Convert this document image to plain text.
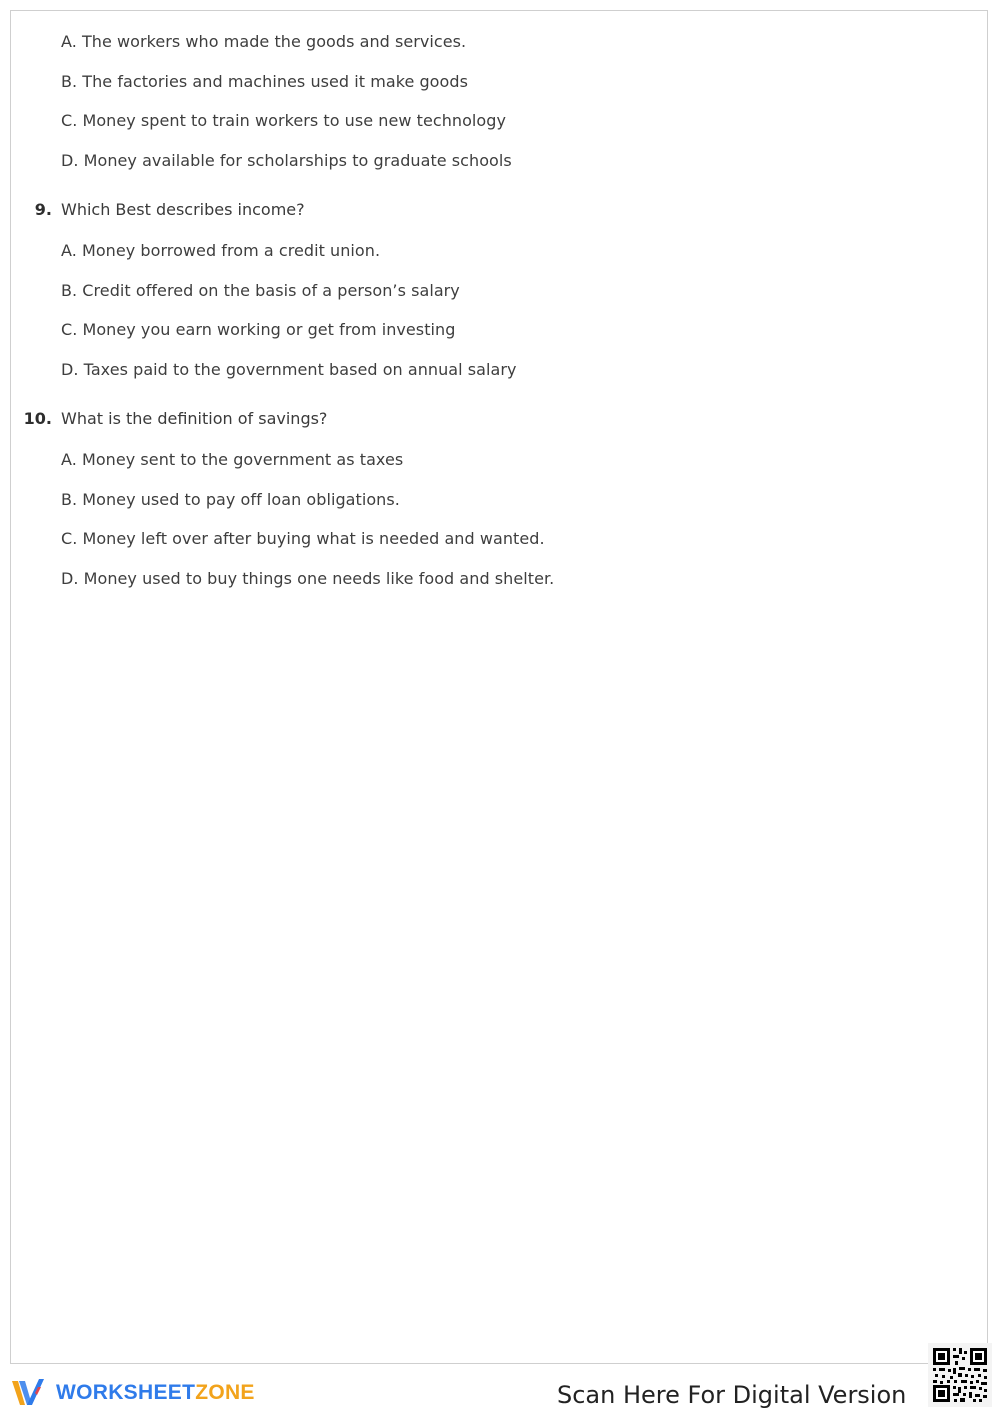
A. The workers who made the goods and services.
B. The factories and machines used it make goods
C. Money spent to train workers to use new technology
D. Money available for scholarships to graduate schools
9. Which Best describes income?
A. Money borrowed from a credit union.
B. Credit offered on the basis of a person’s salary
C. Money you earn working or get from investing
D. Taxes paid to the government based on annual salary
10. What is the definition of savings?
A. Money sent to the government as taxes
B. Money used to pay off loan obligations.
C. Money left over after buying what is needed and wanted.
D. Money used to buy things one needs like food and shelter.
WORKSHEETZONE	Scan Here For Digital Version
